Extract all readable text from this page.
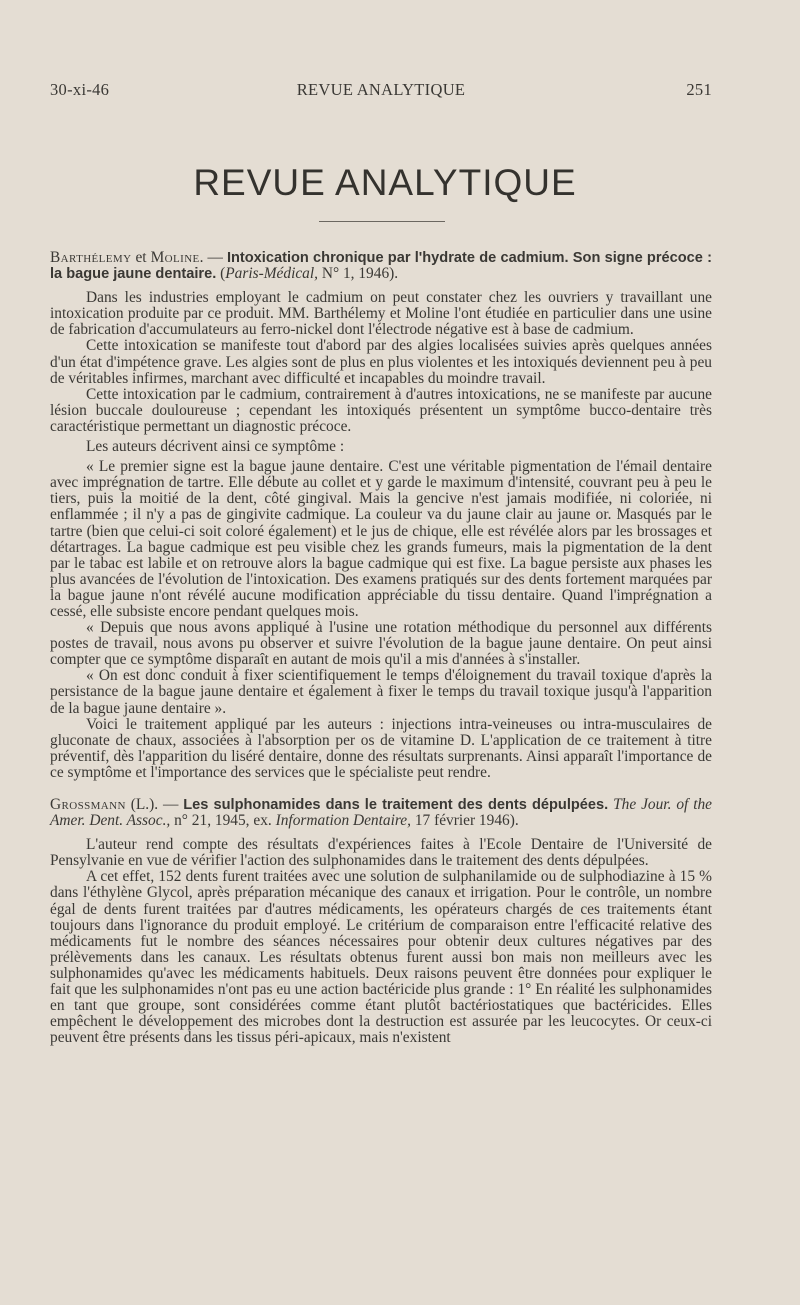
30-xi-46	REVUE ANALYTIQUE	251
REVUE ANALYTIQUE
Barthélemy et Moline. — Intoxication chronique par l'hydrate de cadmium. Son signe précoce : la bague jaune dentaire. (Paris-Médical, N° 1, 1946).

Dans les industries employant le cadmium on peut constater chez les ouvriers y travaillant une intoxication produite par ce produit. MM. Barthélemy et Moline l'ont étudiée en particulier dans une usine de fabrication d'accumulateurs au ferro-nickel dont l'électrode négative est à base de cadmium.

Cette intoxication se manifeste tout d'abord par des algies localisées suivies après quelques années d'un état d'impétence grave. Les algies sont de plus en plus violentes et les intoxiqués deviennent peu à peu de véritables infirmes, marchant avec difficulté et incapables du moindre travail.

Cette intoxication par le cadmium, contrairement à d'autres intoxications, ne se manifeste par aucune lésion buccale douloureuse ; cependant les intoxiqués présentent un symptôme bucco-dentaire très caractéristique permettant un diagnostic précoce.

Les auteurs décrivent ainsi ce symptôme :

« Le premier signe est la bague jaune dentaire. C'est une véritable pigmentation de l'émail dentaire avec imprégnation de tartre. Elle débute au collet et y garde le maximum d'intensité, couvrant peu à peu le tiers, puis la moitié de la dent, côté gingival. Mais la gencive n'est jamais modifiée, ni coloriée, ni enflammée ; il n'y a pas de gingivite cadmique. La couleur va du jaune clair au jaune or. Masqués par le tartre (bien que celui-ci soit coloré également) et le jus de chique, elle est révélée alors par les brossages et détartrages. La bague cadmique est peu visible chez les grands fumeurs, mais la pigmentation de la dent par le tabac est labile et on retrouve alors la bague cadmique qui est fixe. La bague persiste aux phases les plus avancées de l'évolution de l'intoxication. Des examens pratiqués sur des dents fortement marquées par la bague jaune n'ont révélé aucune modification appréciable du tissu dentaire. Quand l'imprégnation a cessé, elle subsiste encore pendant quelques mois.

« Depuis que nous avons appliqué à l'usine une rotation méthodique du personnel aux différents postes de travail, nous avons pu observer et suivre l'évolution de la bague jaune dentaire. On peut ainsi compter que ce symptôme disparaît en autant de mois qu'il a mis d'années à s'installer.

« On est donc conduit à fixer scientifiquement le temps d'éloignement du travail toxique d'après la persistance de la bague jaune dentaire et également à fixer le temps du travail toxique jusqu'à l'apparition de la bague jaune dentaire ».

Voici le traitement appliqué par les auteurs : injections intra-veineuses ou intra-musculaires de gluconate de chaux, associées à l'absorption per os de vitamine D. L'application de ce traitement à titre préventif, dès l'apparition du liséré dentaire, donne des résultats surprenants. Ainsi apparaît l'importance de ce symptôme et l'importance des services que le spécialiste peut rendre.

Grossmann (L.). — Les sulphonamides dans le traitement des dents dépulpées. The Jour. of the Amer. Dent. Assoc., n° 21, 1945, ex. Information Dentaire, 17 février 1946).

L'auteur rend compte des résultats d'expériences faites à l'Ecole Dentaire de l'Université de Pensylvanie en vue de vérifier l'action des sulphonamides dans le traitement des dents dépulpées.

A cet effet, 152 dents furent traitées avec une solution de sulphanilamide ou de sulphodiazine à 15 % dans l'éthylène Glycol, après préparation mécanique des canaux et irrigation. Pour le contrôle, un nombre égal de dents furent traitées par d'autres médicaments, les opérateurs chargés de ces traitements étant toujours dans l'ignorance du produit employé. Le critérium de comparaison entre l'efficacité relative des médicaments fut le nombre des séances nécessaires pour obtenir deux cultures négatives par des prélèvements dans les canaux. Les résultats obtenus furent aussi bon mais non meilleurs avec les sulphonamides qu'avec les médicaments habituels. Deux raisons peuvent être données pour expliquer le fait que les sulphonamides n'ont pas eu une action bactéricide plus grande : 1° En réalité les sulphonamides en tant que groupe, sont considérées comme étant plutôt bactériostatiques que bactéricides. Elles empêchent le développement des microbes dont la destruction est assurée par les leucocytes. Or ceux-ci peuvent être présents dans les tissus péri-apicaux, mais n'existent
